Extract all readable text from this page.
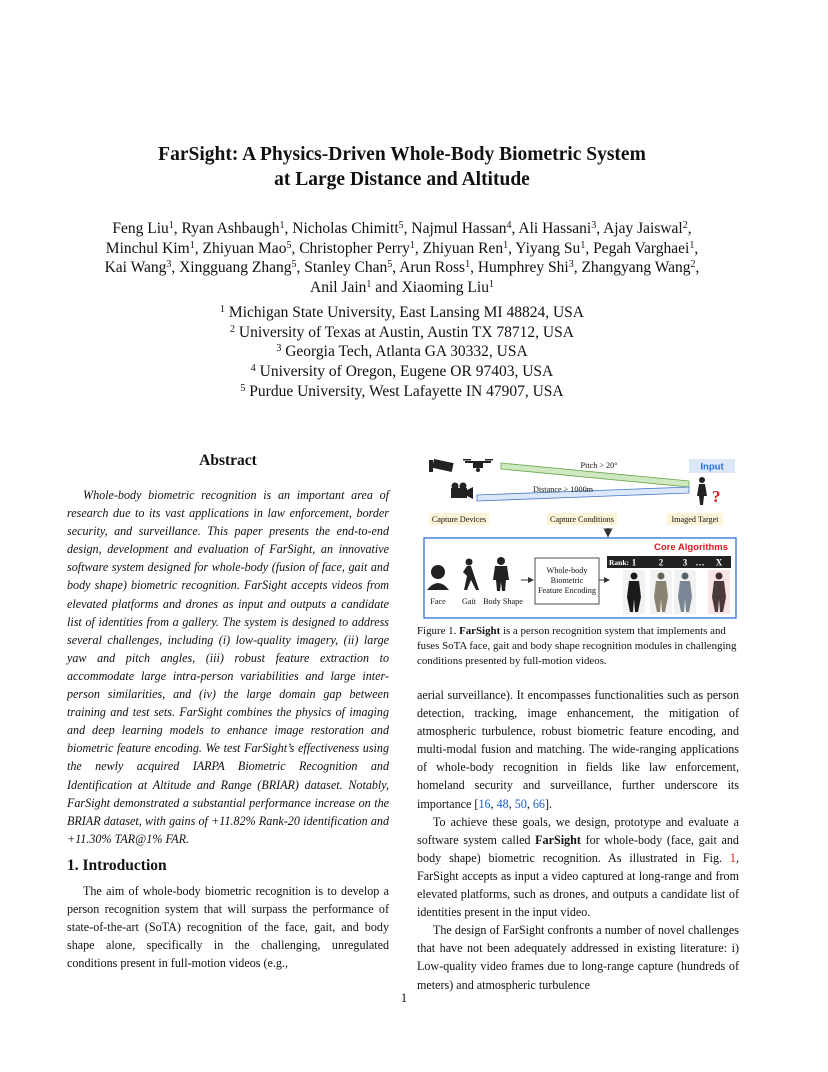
FarSight: A Physics-Driven Whole-Body Biometric System
at Large Distance and Altitude
Feng Liu$^1$, Ryan Ashbaugh$^1$, Nicholas Chimitt$^5$, Najmul Hassan$^4$, Ali Hassani$^3$, Ajay Jaiswal$^2$,
Minchul Kim$^1$, Zhiyuan Mao$^5$, Christopher Perry$^1$, Zhiyuan Ren$^1$, Yiyang Su$^1$, Pegah Varghaei$^1$,
Kai Wang$^3$, Xingguang Zhang$^5$, Stanley Chan$^5$, Arun Ross$^1$, Humphrey Shi$^3$, Zhangyang Wang$^2$,
Anil Jain$^1$ and Xiaoming Liu$^1$
$^1$ Michigan State University, East Lansing MI 48824, USA
$^2$ University of Texas at Austin, Austin TX 78712, USA
$^3$ Georgia Tech, Atlanta GA 30332, USA
$^4$ University of Oregon, Eugene OR 97403, USA
$^5$ Purdue University, West Lafayette IN 47907, USA
Abstract
Whole-body biometric recognition is an important area of research due to its vast applications in law enforcement, border security, and surveillance. This paper presents the end-to-end design, development and evaluation of FarSight, an innovative software system designed for whole-body (fusion of face, gait and body shape) biometric recognition. FarSight accepts videos from elevated platforms and drones as input and outputs a candidate list of identities from a gallery. The system is designed to address several challenges, including (i) low-quality imagery, (ii) large yaw and pitch angles, (iii) robust feature extraction to accommodate large intra-person variabilities and large inter-person similarities, and (iv) the large domain gap between training and test sets. FarSight combines the physics of imaging and deep learning models to enhance image restoration and biometric feature encoding. We test FarSight’s effectiveness using the newly acquired IARPA Biometric Recognition and Identification at Altitude and Range (BRIAR) dataset. Notably, FarSight demonstrated a substantial performance increase on the BRIAR dataset, with gains of +11.82% Rank-20 identification and +11.30% TAR@1% FAR.
1. Introduction
The aim of whole-body biometric recognition is to develop a person recognition system that will surpass the performance of state-of-the-art (SoTA) recognition of the face, gait, and body shape alone, specifically in the challenging, unregulated conditions present in full-motion videos (e.g.,
Input
Pitch > 20°
Distance > 1000m	?
Capture Devices	Capture Conditions	Imaged Target
Core Algorithms
Face Gait Body Shape
Whole-body
Biometric
Feature Encoding
Rank: 1	2 3 … X
Figure 1. FarSight is a person recognition system that implements and fuses SoTA face, gait and body shape recognition modules in challenging conditions presented by full-motion videos.

aerial surveillance). It encompasses functionalities such as person detection, tracking, image enhancement, the mitigation of atmospheric turbulence, robust biometric feature encoding, and multi-modal fusion and matching. The wide-ranging applications of whole-body recognition in fields like law enforcement, homeland security and surveillance, further underscore its importance [16, 48, 50, 66].

To achieve these goals, we design, prototype and evaluate a software system called FarSight for whole-body (face, gait and body shape) biometric recognition. As illustrated in Fig. 1, FarSight accepts as input a video captured at long-range and from elevated platforms, such as drones, and outputs a candidate list of identities present in the input video.

The design of FarSight confronts a number of novel challenges that have not been adequately addressed in existing literature: i) Low-quality video frames due to long-range capture (hundreds of meters) and atmospheric turbulence

1
